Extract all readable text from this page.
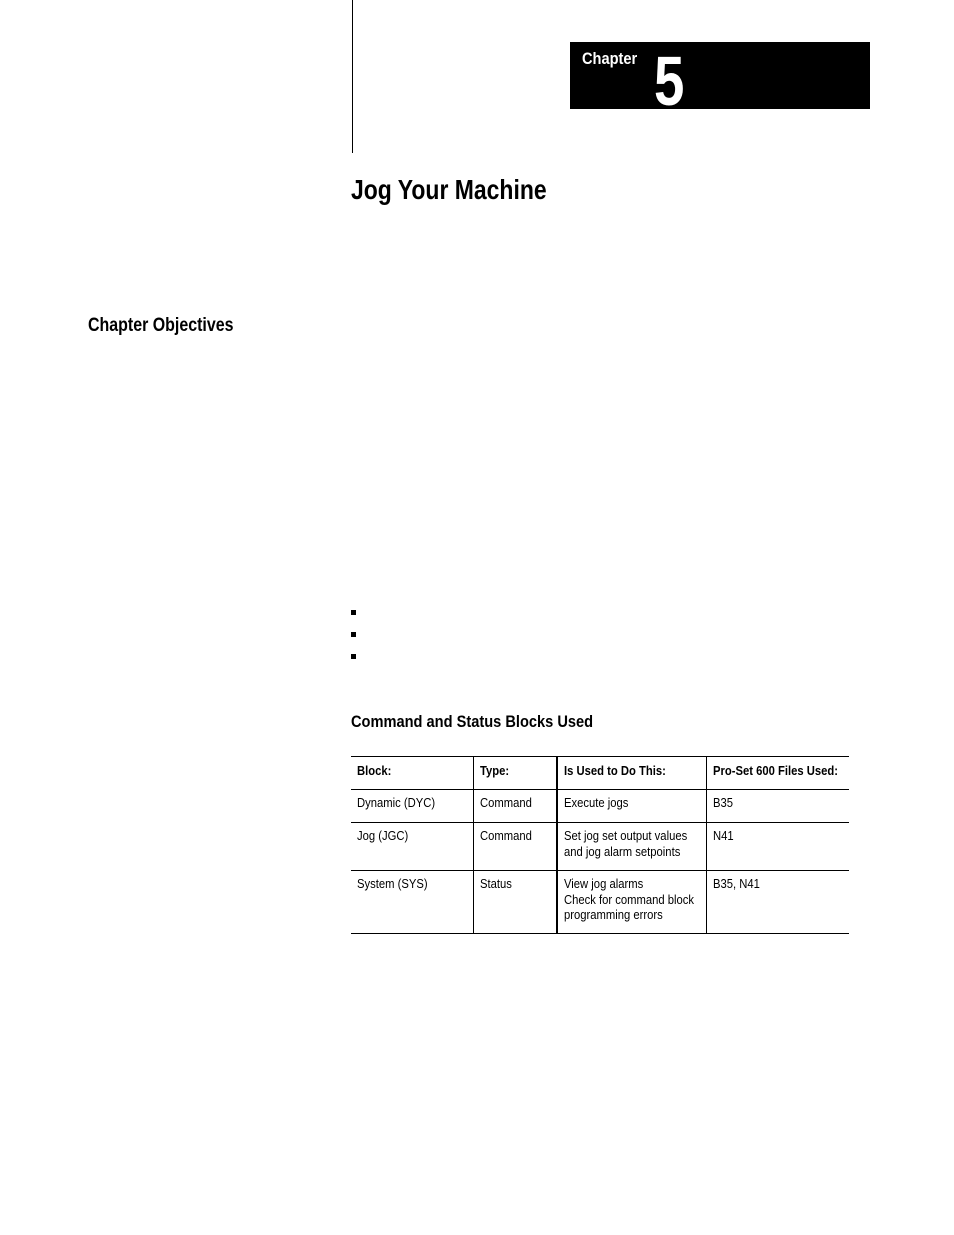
Chapter 5
Jog Your Machine
Chapter Objectives
Command and Status Blocks Used
Block:	Type:	Is Used to Do This:	Pro-Set 600 Files Used:

Dynamic (DYC)	Command	Execute jogs	B35

Jog (JGC)	Command	Set jog set output values
and jog alarm setpoints	N41

System (SYS)	Status	View jog alarms
Check for command block
programming errors	B35, N41
